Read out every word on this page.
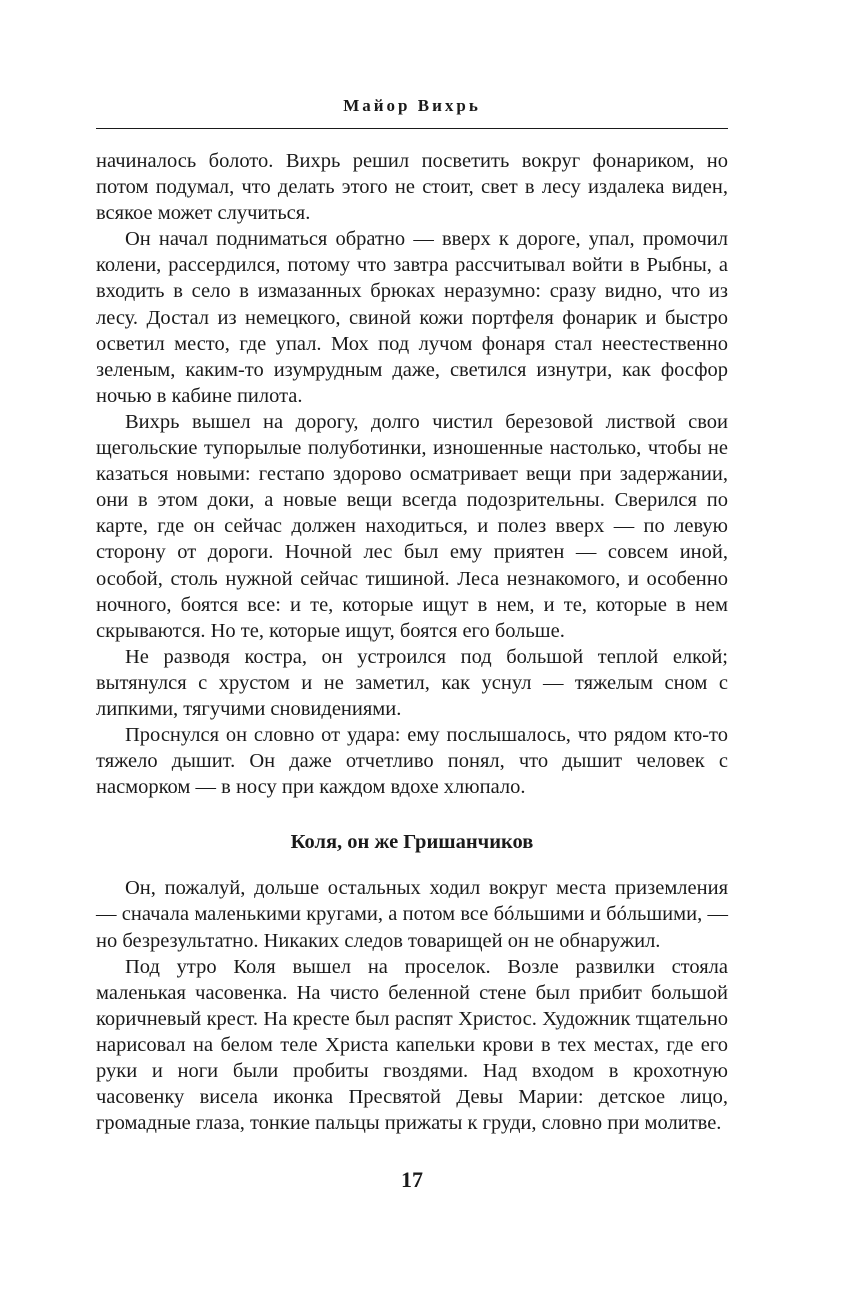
Майор Вихрь

начиналось болото. Вихрь решил посветить вокруг фонариком, но потом подумал, что делать этого не стоит, свет в лесу издалека виден, всякое может случиться.

Он начал подниматься обратно — вверх к дороге, упал, промочил колени, рассердился, потому что завтра рассчитывал войти в Рыбны, а входить в село в измазанных брюках неразумно: сразу видно, что из лесу. Достал из немецкого, свиной кожи портфеля фонарик и быстро осветил место, где упал. Мох под лучом фонаря стал неестественно зеленым, каким-то изумрудным даже, светился изнутри, как фосфор ночью в кабине пилота.

Вихрь вышел на дорогу, долго чистил березовой листвой свои щегольские тупорылые полуботинки, изношенные настолько, чтобы не казаться новыми: гестапо здорово осматривает вещи при задержании, они в этом доки, а новые вещи всегда подозрительны. Сверился по карте, где он сейчас должен находиться, и полез вверх — по левую сторону от дороги. Ночной лес был ему приятен — совсем иной, особой, столь нужной сейчас тишиной. Леса незнакомого, и особенно ночного, боятся все: и те, которые ищут в нем, и те, которые в нем скрываются. Но те, которые ищут, боятся его больше.

Не разводя костра, он устроился под большой теплой елкой; вытянулся с хрустом и не заметил, как уснул — тяжелым сном с липкими, тягучими сновидениями.

Проснулся он словно от удара: ему послышалось, что рядом кто-то тяжело дышит. Он даже отчетливо понял, что дышит человек с насморком — в носу при каждом вдохе хлюпало.

Коля, он же Гришанчиков

Он, пожалуй, дольше остальных ходил вокруг места приземления — сначала маленькими кругами, а потом все бóльшими и бóльшими, — но безрезультатно. Никаких следов товарищей он не обнаружил.

Под утро Коля вышел на проселок. Возле развилки стояла маленькая часовенка. На чисто беленной стене был прибит большой коричневый крест. На кресте был распят Христос. Художник тщательно нарисовал на белом теле Христа капельки крови в тех местах, где его руки и ноги были пробиты гвоздями. Над входом в крохотную часовенку висела иконка Пресвятой Девы Марии: детское лицо, громадные глаза, тонкие пальцы прижаты к груди, словно при молитве.

17
